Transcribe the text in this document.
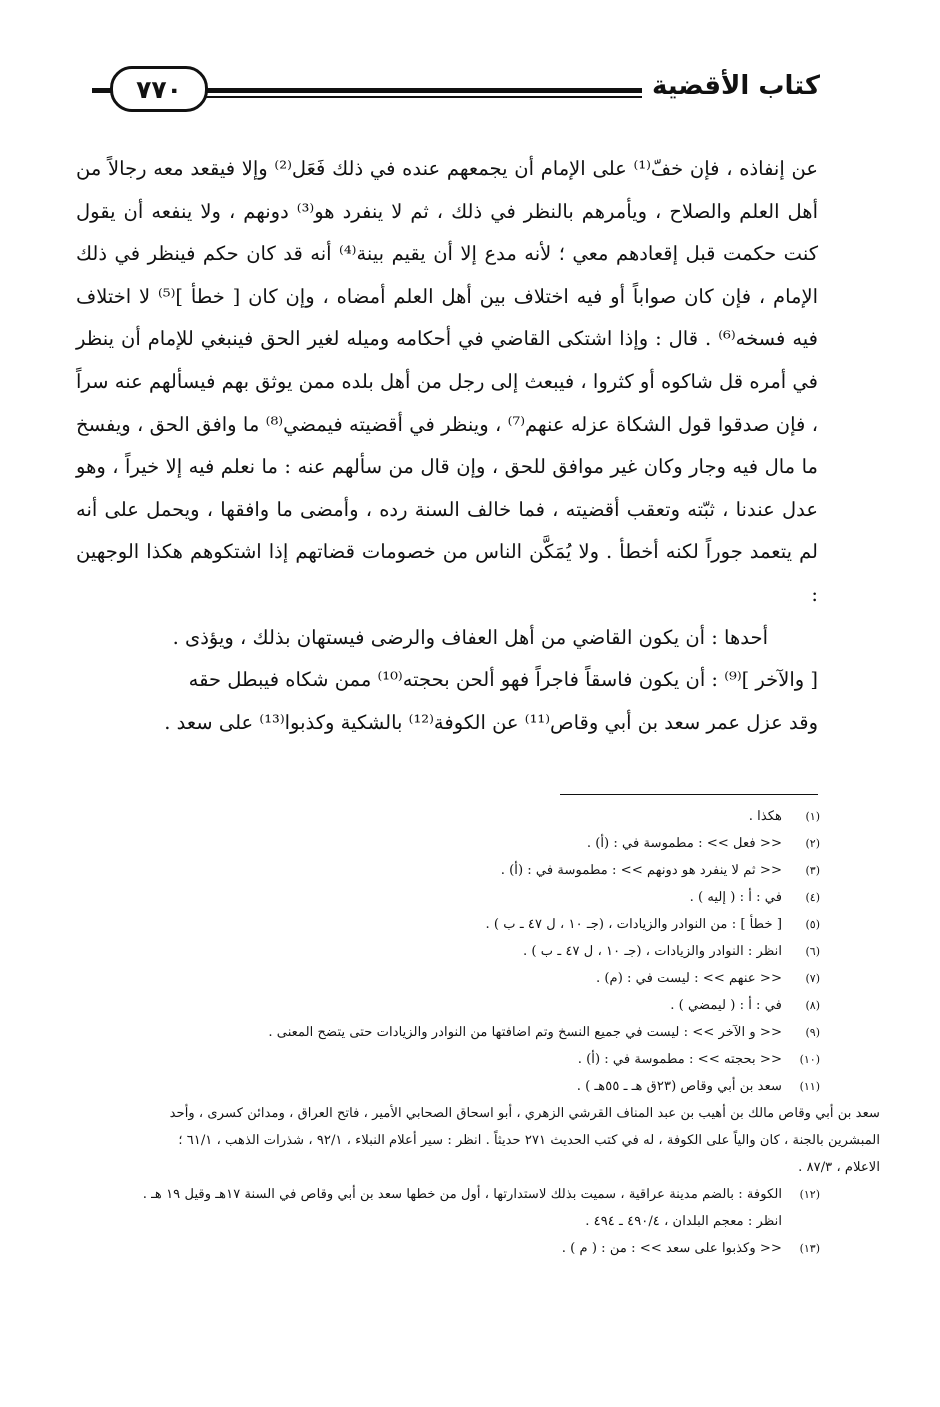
كتاب الأقضية
٧٧٠

عن إنفاذه ، فإن خفّ⁽¹⁾ على الإمام أن يجمعهم عنده في ذلك فَعَل⁽²⁾ وإلا فيقعد معه رجالاً من أهل العلم والصلاح ، ويأمرهم بالنظر في ذلك ، ثم لا ينفرد هو⁽³⁾ دونهم ، ولا ينفعه أن يقول كنت حكمت قبل إقعادهم معي ؛ لأنه مدع إلا أن يقيم بينة⁽⁴⁾ أنه قد كان حكم فينظر في ذلك الإمام ، فإن كان صواباً أو فيه اختلاف بين أهل العلم أمضاه ، وإن كان [ خطأ ]⁽⁵⁾ لا اختلاف فيه فسخه⁽⁶⁾ . قال : وإذا اشتكى القاضي في أحكامه وميله لغير الحق فينبغي للإمام أن ينظر في أمره قل شاكوه أو كثروا ، فيبعث إلى رجل من أهل بلده ممن يوثق بهم فيسألهم عنه سراً ، فإن صدقوا قول الشكاة عزله عنهم⁽⁷⁾ ، وينظر في أقضيته فيمضي⁽⁸⁾ ما وافق الحق ، ويفسخ ما مال فيه وجار وكان غير موافق للحق ، وإن قال من سألهم عنه : ما نعلم فيه إلا خيراً ، وهو عدل عندنا ، ثبّته وتعقب أقضيته ، فما خالف السنة رده ، وأمضى ما وافقها ، ويحمل على أنه لم يتعمد جوراً لكنه أخطأ . ولا يُمَكَّن الناس من خصومات قضاتهم إذا اشتكوهم هكذا الوجهين :

أحدها : أن يكون القاضي من أهل العفاف والرضى فيستهان بذلك ، ويؤذى .

[ والآخر ]⁽⁹⁾ : أن يكون فاسقاً فاجراً فهو ألحن بحجته⁽¹⁰⁾ ممن شكاه فيبطل حقه

وقد عزل عمر سعد بن أبي وقاص⁽¹¹⁾ عن الكوفة⁽¹²⁾ بالشكية وكذبوا⁽¹³⁾ على سعد .

(١)
هكذا .
(٢)
<< فعل >> : مطموسة في : (أ) .
(٣)
<< ثم لا ينفرد هو دونهم >> : مطموسة في : (أ) .
(٤)
في : أ : ( إليه ) .
(٥)
[ خطأ ] : من النوادر والزيادات ، (جـ ١٠ ، ل ٤٧ ـ ب ) .
(٦)
انظر : النوادر والزيادات ، (جـ ١٠ ، ل ٤٧ ـ ب ) .
(٧)
<< عنهم >> : ليست في : (م) .
(٨)
في : أ : ( ليمضي ) .
(٩)
<< و الآخر >> : ليست في جميع النسخ وتم اضافتها من النوادر والزيادات حتى يتضح المعنى .
(١٠)
<< بحجته >> : مطموسة في : (أ) .
(١١)
سعد بن أبي وقاص (٢٣ق هـ ـ ٥٥هـ ) .
سعد بن أبي وقاص مالك بن أهيب بن عبد المناف القرشي الزهري ، أبو اسحاق الصحابي الأمير ، فاتح العراق ، ومدائن كسرى ، وأحد المبشرين بالجنة ، كان والياً على الكوفة ، له في كتب الحديث ٢٧١ حديثاً . انظر : سير أعلام النبلاء ، ٩٢/١ ، شذرات الذهب ، ٦١/١ ؛ الاعلام ، ٨٧/٣ .
(١٢)
الكوفة : بالضم مدينة عراقية ، سميت بذلك لاستدارتها ، أول من خطها سعد بن أبي وقاص في السنة ١٧هـ وقيل ١٩ هـ . انظر : معجم البلدان ، ٤٩٠/٤ ـ ٤٩٤ .
(١٣)
<< وكذبوا على سعد >> : من : ( م ) .
